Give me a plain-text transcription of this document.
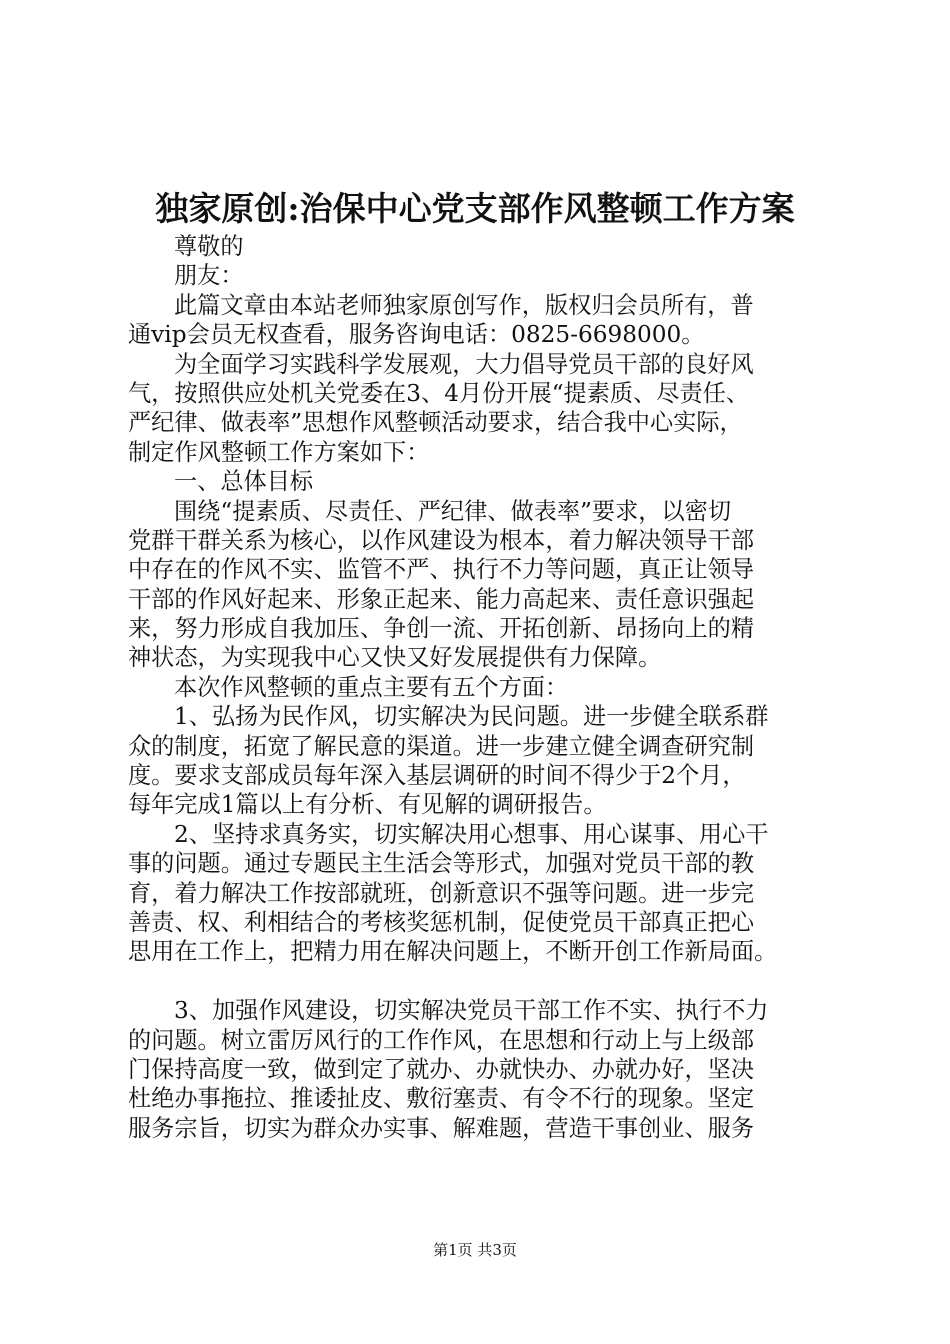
独家原创:治保中心党支部作风整顿工作方案
尊敬的
朋友：
此篇文章由本站老师独家原创写作，版权归会员所有，普
通vip会员无权查看，服务咨询电话：0825-6698000。
为全面学习实践科学发展观，大力倡导党员干部的良好风
气，按照供应处机关党委在3、4月份开展“提素质、尽责任、
严纪律、做表率”思想作风整顿活动要求，结合我中心实际，
制定作风整顿工作方案如下：
一、总体目标
围绕“提素质、尽责任、严纪律、做表率”要求，以密切
党群干群关系为核心，以作风建设为根本，着力解决领导干部
中存在的作风不实、监管不严、执行不力等问题，真正让领导
干部的作风好起来、形象正起来、能力高起来、责任意识强起
来，努力形成自我加压、争创一流、开拓创新、昂扬向上的精
神状态，为实现我中心又快又好发展提供有力保障。
本次作风整顿的重点主要有五个方面：
1、弘扬为民作风，切实解决为民问题。进一步健全联系群
众的制度，拓宽了解民意的渠道。进一步建立健全调查研究制
度。要求支部成员每年深入基层调研的时间不得少于2个月，
每年完成1篇以上有分析、有见解的调研报告。
2、坚持求真务实，切实解决用心想事、用心谋事、用心干
事的问题。通过专题民主生活会等形式，加强对党员干部的教
育，着力解决工作按部就班，创新意识不强等问题。进一步完
善责、权、利相结合的考核奖惩机制，促使党员干部真正把心
思用在工作上，把精力用在解决问题上，不断开创工作新局面。
3、加强作风建设，切实解决党员干部工作不实、执行不力
的问题。树立雷厉风行的工作作风，在思想和行动上与上级部
门保持高度一致，做到定了就办、办就快办、办就办好，坚决
杜绝办事拖拉、推诿扯皮、敷衍塞责、有令不行的现象。坚定
服务宗旨，切实为群众办实事、解难题，营造干事创业、服务
第1页 共3页
